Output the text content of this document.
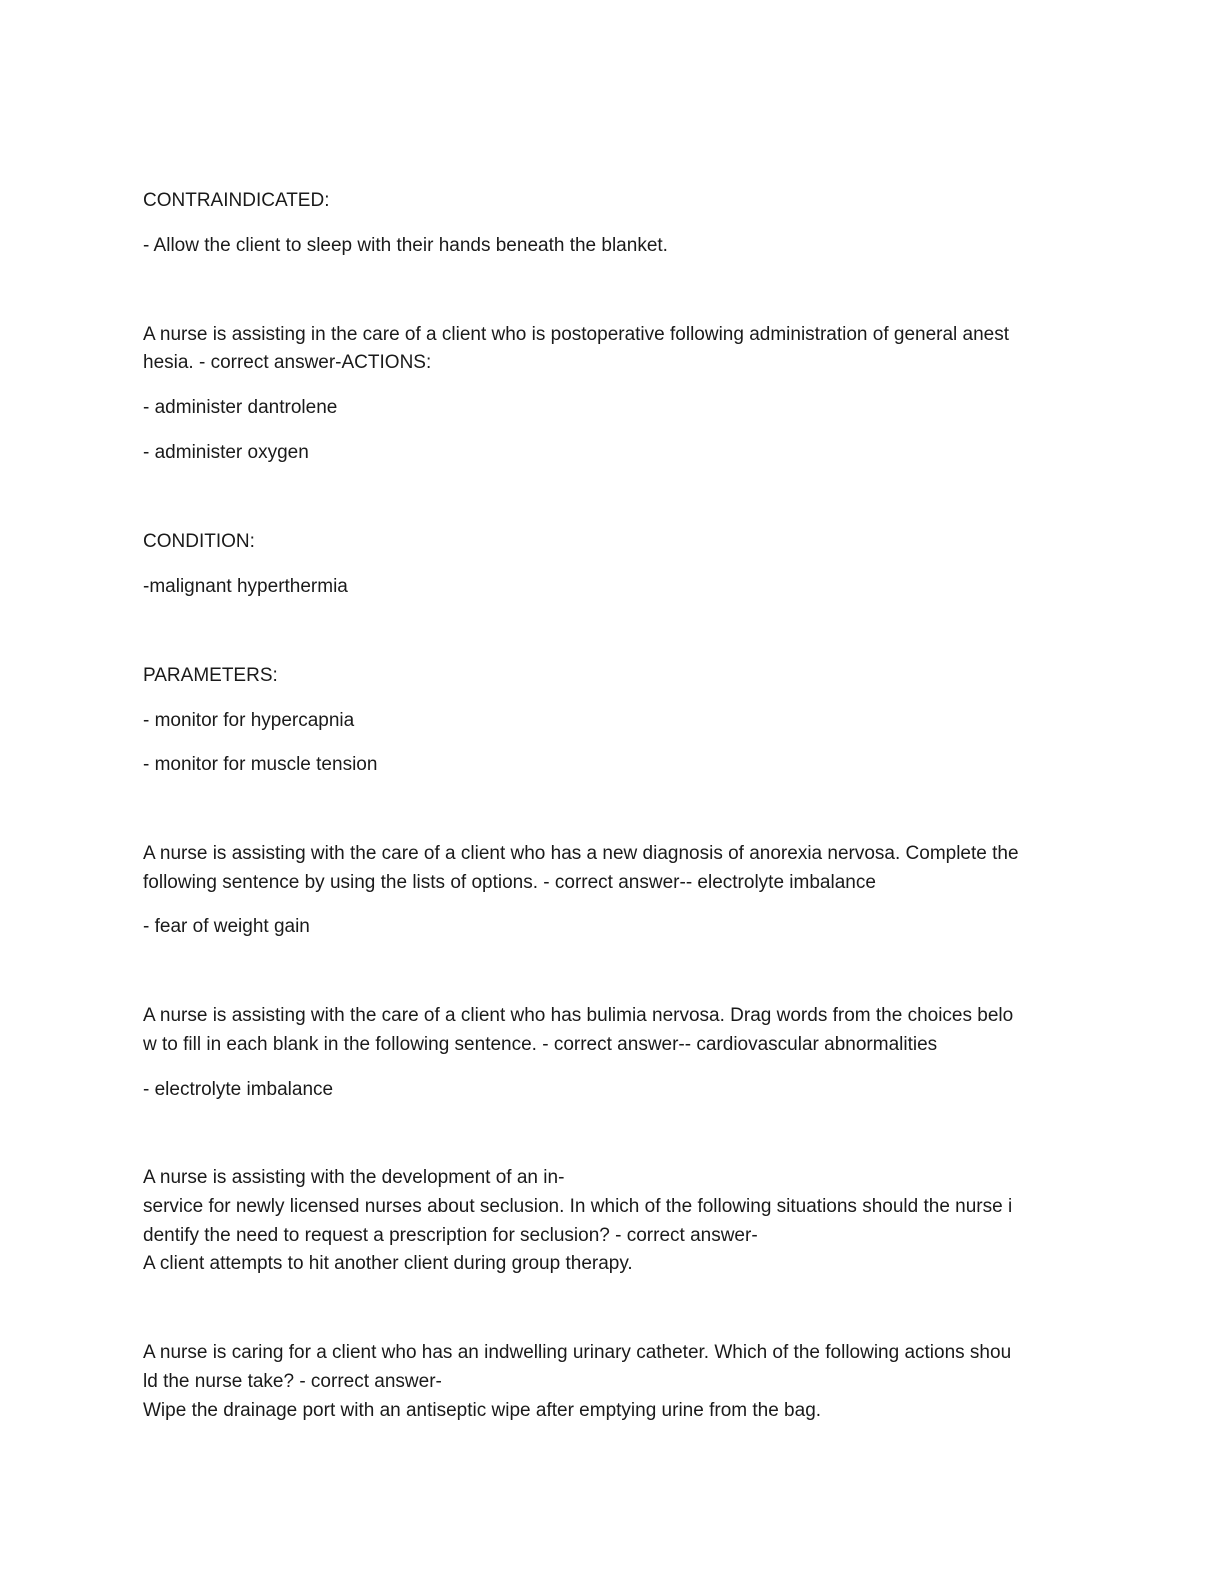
CONTRAINDICATED:

- Allow the client to sleep with their hands beneath the blanket.

A nurse is assisting in the care of a client who is postoperative following administration of general anest

hesia. - correct answer-ACTIONS:

- administer dantrolene

- administer oxygen

CONDITION:

-malignant hyperthermia

PARAMETERS:

- monitor for hypercapnia

- monitor for muscle tension

A nurse is assisting with the care of a client who has a new diagnosis of anorexia nervosa. Complete the

following sentence by using the lists of options. - correct answer-- electrolyte imbalance

- fear of weight gain

A nurse is assisting with the care of a client who has bulimia nervosa. Drag words from the choices belo

w to fill in each blank in the following sentence. - correct answer-- cardiovascular abnormalities

- electrolyte imbalance

A nurse is assisting with the development of an in-

service for newly licensed nurses about seclusion. In which of the following situations should the nurse i

dentify the need to request a prescription for seclusion? - correct answer-

A client attempts to hit another client during group therapy.

A nurse is caring for a client who has an indwelling urinary catheter. Which of the following actions shou

ld the nurse take? - correct answer-

Wipe the drainage port with an antiseptic wipe after emptying urine from the bag.
